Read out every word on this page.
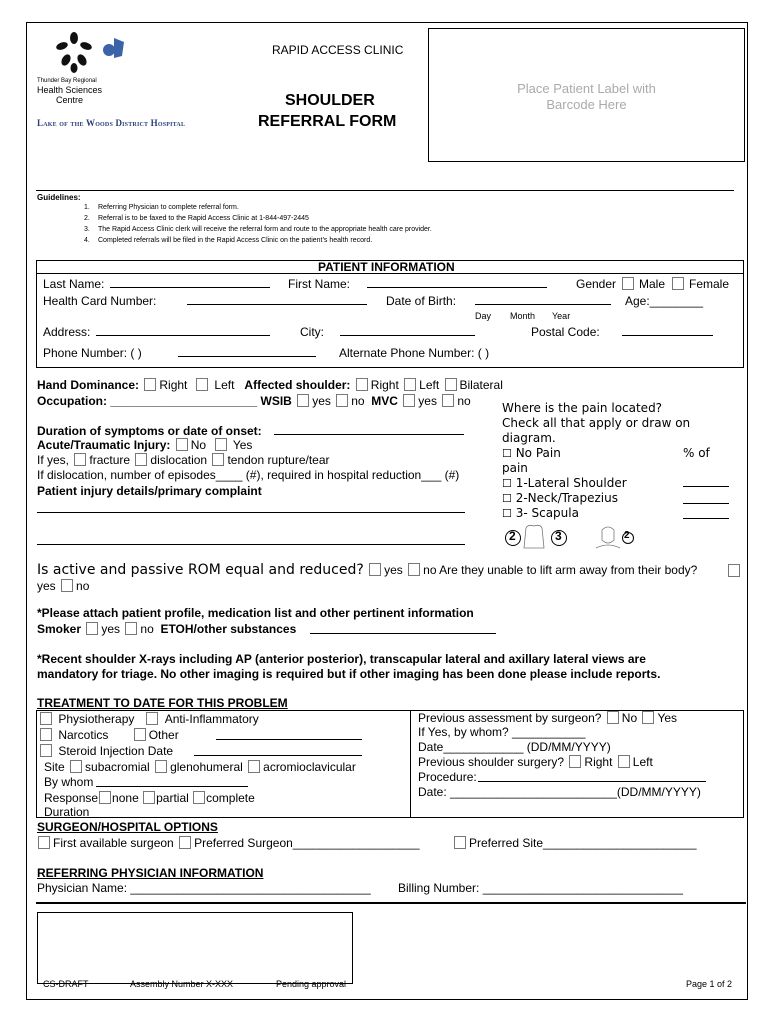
Thunder Bay Regional
Health Sciences
Centre
Lake of the Woods District Hospital
RAPID ACCESS CLINIC
SHOULDER
REFERRAL FORM
Place Patient Label with
Barcode Here
Guidelines:
1. Referring Physician to complete referral form.
2. Referral is to be faxed to the Rapid Access Clinic at 1-844-497-2445
3. The Rapid Access Clinic clerk will receive the referral form and route to the appropriate health care provider.
4. Completed referrals will be filed in the Rapid Access Clinic on the patient’s health record.
PATIENT INFORMATION
Last Name:	First Name:	Gender Male Female
Health Card Number:	Date of Birth:	Age:________
Day Month Year
Address:	City:	Postal Code:
Phone Number: ( )	Alternate Phone Number: ( )
Hand Dominance: Right Left Affected shoulder: Right Left Bilateral
Occupation: ______________________ WSIB yes no MVC yes no
Duration of symptoms or date of onset:
Acute/Traumatic Injury: No Yes
If yes, fracture dislocation tendon rupture/tear
If dislocation, number of episodes____ (#), required in hospital reduction___ (#)
Patient injury details/primary complaint
Where is the pain located?
Check all that apply or draw on
diagram.
☐ No Pain	% of
pain
☐ 1-Lateral Shoulder
☐ 2-Neck/Trapezius
☐ 3- Scapula
2	3	2
Is active and passive ROM equal and reduced? yes no Are they unable to lift arm away from their body?
yes no
*Please attach patient profile, medication list and other pertinent information
Smoker yes no ETOH/other substances
*Recent shoulder X-rays including AP (anterior posterior), transcapular lateral and axillary lateral views are
mandatory for triage. No other imaging is required but if other imaging has been done please include reports.
TREATMENT TO DATE FOR THIS PROBLEM
Physiotherapy	Anti-Inflammatory
Narcotics	Other
Steroid Injection Date
Site subacromial glenohumeral acromioclavicular
By whom
Response none partial complete
Duration
Previous assessment by surgeon? No Yes
If Yes, by whom? ___________
Date____________ (DD/MM/YYYY)
Previous shoulder surgery? Right Left
Procedure:
Date: _________________________(DD/MM/YYYY)
SURGEON/HOSPITAL OPTIONS
First available surgeon Preferred Surgeon___________________	Preferred Site_______________________
REFERRING PHYSICIAN INFORMATION
Physician Name: ____________________________________ Billing Number: ______________________________
CS-DRAFT	Assembly Number X-XXX	Pending approval	Page 1 of 2
